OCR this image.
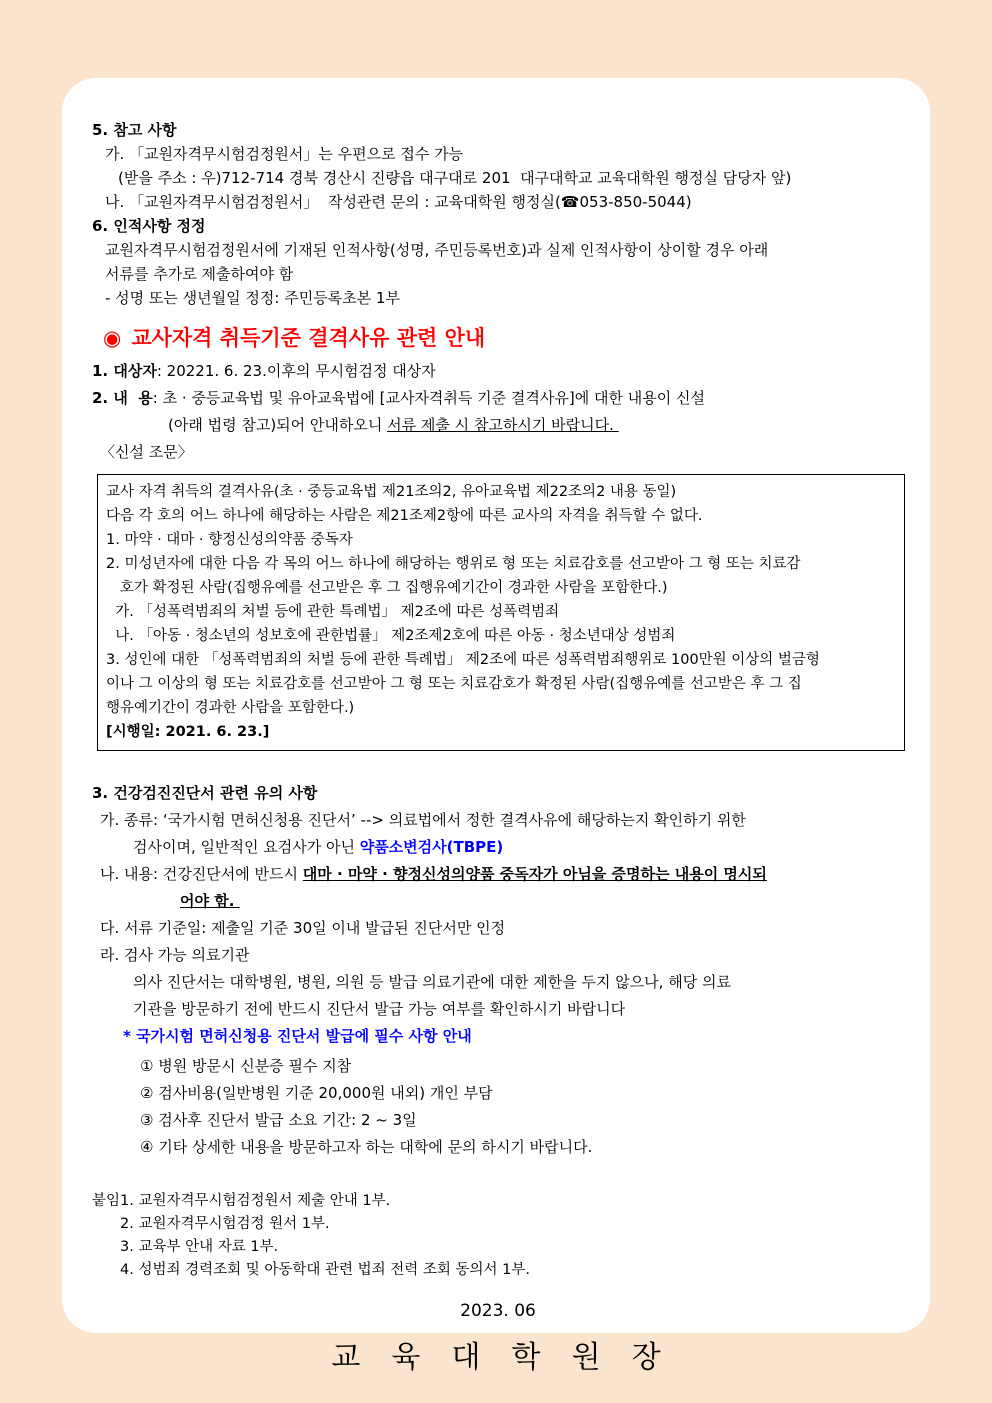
5. 참고 사항
가. 「교원자격무시험검정원서」는 우편으로 접수 가능
(받을 주소 : 우)712-714 경북 경산시 진량읍 대구대로 201  대구대학교 교육대학원 행정실 담당자 앞)
나. 「교원자격무시험검정원서」  작성관련 문의 : 교육대학원 행정실(☎053-850-5044)
6. 인적사항 정정
교원자격무시험검정원서에 기재된 인적사항(성명, 주민등록번호)과 실제 인적사항이 상이할 경우 아래
서류를 추가로 제출하여야 함
- 성명 또는 생년월일 정정: 주민등록초본 1부
◉ 교사자격 취득기준 결격사유 관련 안내
1. 대상자: 20221. 6. 23.이후의 무시험검정 대상자
2. 내  용: 초 · 중등교육법 및 유아교육법에 [교사자격취득 기준 결격사유]에 대한 내용이 신설
(아래 법령 참고)되어 안내하오니 서류 제출 시 참고하시기 바랍니다.
〈신설 조문〉
교사 자격 취득의 결격사유(초 · 중등교육법 제21조의2, 유아교육법 제22조의2 내용 동일)
다음 각 호의 어느 하나에 해당하는 사람은 제21조제2항에 따른 교사의 자격을 취득할 수 없다.
1. 마약 · 대마 · 향정신성의약품 중독자
2. 미성년자에 대한 다음 각 목의 어느 하나에 해당하는 행위로 형 또는 치료감호를 선고받아 그 형 또는 치료감
호가 확정된 사람(집행유예를 선고받은 후 그 집행유예기간이 경과한 사람을 포함한다.)
가. 「성폭력범죄의 처벌 등에 관한 특례법」 제2조에 따른 성폭력범죄
나. 「아동 · 청소년의 성보호에 관한법률」 제2조제2호에 따른 아동 · 청소년대상 성범죄
3. 성인에 대한 「성폭력범죄의 처벌 등에 관한 특례법」 제2조에 따른 성폭력범죄행위로 100만원 이상의 벌금형
이나 그 이상의 형 또는 치료감호를 선고받아 그 형 또는 치료감호가 확정된 사람(집행유예를 선고받은 후 그 집
행유예기간이 경과한 사람을 포함한다.)
[시행일: 2021. 6. 23.]
3. 건강검진진단서 관련 유의 사항
가. 종류: ‘국가시험 면허신청용 진단서’ --> 의료법에서 정한 결격사유에 해당하는지 확인하기 위한
검사이며, 일반적인 요검사가 아닌 약품소변검사(TBPE)
나. 내용: 건강진단서에 반드시 대마 · 마약 · 향정신성의양품 중독자가 아님을 증명하는 내용이 명시되
어야 함.
다. 서류 기준일: 제출일 기준 30일 이내 발급된 진단서만 인정
라. 검사 가능 의료기관
의사 진단서는 대학병원, 병원, 의원 등 발급 의료기관에 대한 제한을 두지 않으나, 해당 의료
기관을 방문하기 전에 반드시 진단서 발급 가능 여부를 확인하시기 바랍니다
* 국가시험 면허신청용 진단서 발급에 필수 사항 안내
① 병원 방문시 신분증 필수 지참
② 검사비용(일반병원 기준 20,000원 내외) 개인 부담
③ 검사후 진단서 발급 소요 기간: 2 ~ 3일
④ 기타 상세한 내용을 방문하고자 하는 대학에 문의 하시기 바랍니다.
붙임1. 교원자격무시험검정원서 제출 안내 1부.
2. 교원자격무시험검정 원서 1부.
3. 교육부 안내 자료 1부.
4. 성범죄 경력조회 및 아동학대 관련 법죄 전력 조회 동의서 1부.
2023. 06
교  육  대  학  원  장
